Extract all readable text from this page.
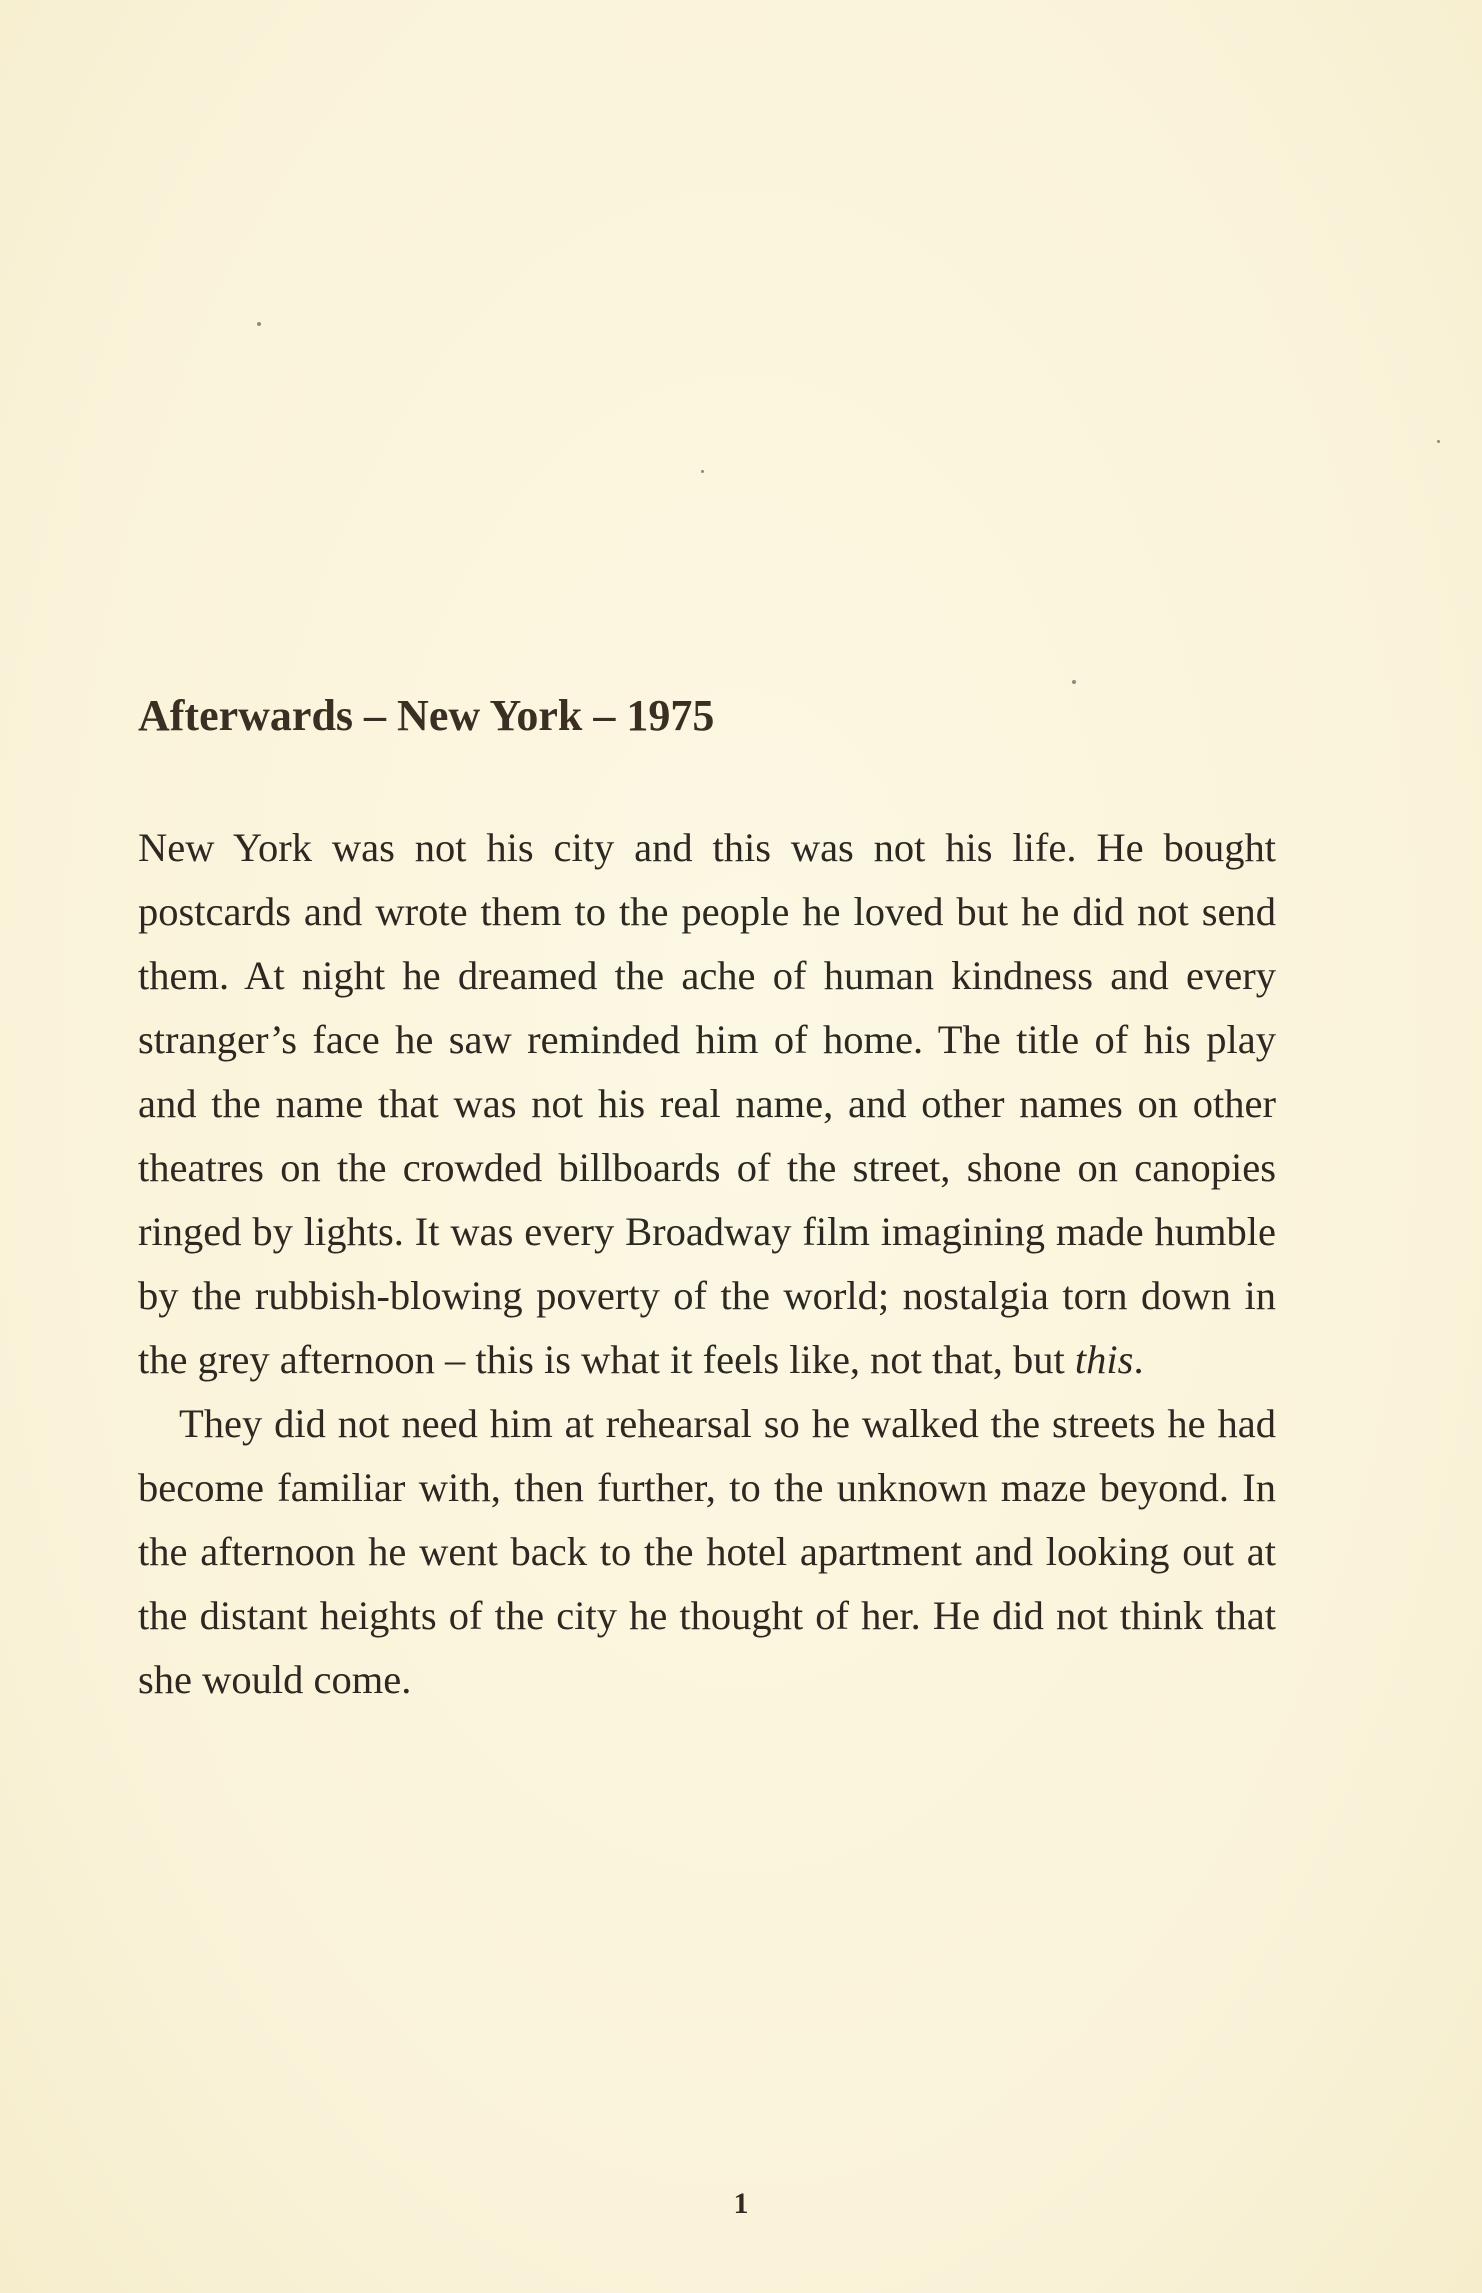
Afterwards – New York – 1975

New York was not his city and this was not his life. He bought postcards and wrote them to the people he loved but he did not send them. At night he dreamed the ache of human kindness and every stranger’s face he saw reminded him of home. The title of his play and the name that was not his real name, and other names on other theatres on the crowded billboards of the street, shone on canopies ringed by lights. It was every Broadway film imagining made humble by the rubbish-blowing poverty of the world; nostalgia torn down in the grey afternoon – this is what it feels like, not that, but this.

They did not need him at rehearsal so he walked the streets he had become familiar with, then further, to the unknown maze beyond. In the afternoon he went back to the hotel apartment and looking out at the distant heights of the city he thought of her. He did not think that she would come.

1
